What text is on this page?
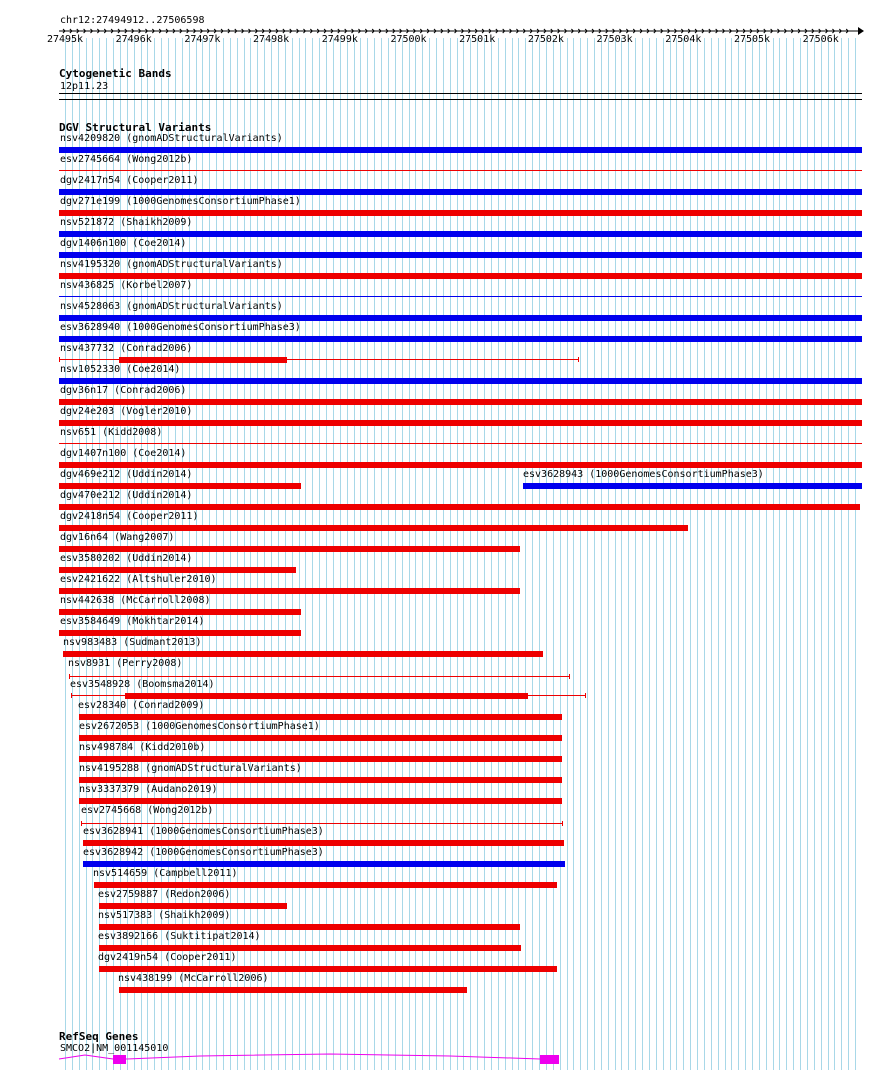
chr12:27494912..27506598
27495k	27496k	27497k	27498k	27499k	27500k	27501k	27502k	27503k	27504k	27505k	27506k
Cytogenetic Bands
12p11.23
DGV Structural Variants
nsv4209820 (gnomADStructuralVariants)
esv2745664 (Wong2012b)
dgv2417n54 (Cooper2011)
dgv271e199 (1000GenomesConsortiumPhase1)
nsv521872 (Shaikh2009)
dgv1406n100 (Coe2014)
nsv4195320 (gnomADStructuralVariants)
nsv436825 (Korbel2007)
nsv4528063 (gnomADStructuralVariants)
esv3628940 (1000GenomesConsortiumPhase3)
nsv437732 (Conrad2006)
nsv1052330 (Coe2014)
dgv36n17 (Conrad2006)
dgv24e203 (Vogler2010)
nsv651 (Kidd2008)
dgv1407n100 (Coe2014)
dgv469e212 (Uddin2014)	esv3628943 (1000GenomesConsortiumPhase3)
dgv470e212 (Uddin2014)
dgv2418n54 (Cooper2011)
dgv16n64 (Wang2007)
esv3580202 (Uddin2014)
esv2421622 (Altshuler2010)
nsv442638 (McCarroll2008)
esv3584649 (Mokhtar2014)
nsv983483 (Sudmant2013)
nsv8931 (Perry2008)
esv3548928 (Boomsma2014)
esv28340 (Conrad2009)
esv2672053 (1000GenomesConsortiumPhase1)
nsv498784 (Kidd2010b)
nsv4195288 (gnomADStructuralVariants)
nsv3337379 (Audano2019)
esv2745668 (Wong2012b)
esv3628941 (1000GenomesConsortiumPhase3)
esv3628942 (1000GenomesConsortiumPhase3)
nsv514659 (Campbell2011)
esv2759887 (Redon2006)
nsv517383 (Shaikh2009)
esv3892166 (Suktitipat2014)
dgv2419n54 (Cooper2011)
nsv438199 (McCarroll2006)
RefSeq Genes
SMCO2|NM_001145010
